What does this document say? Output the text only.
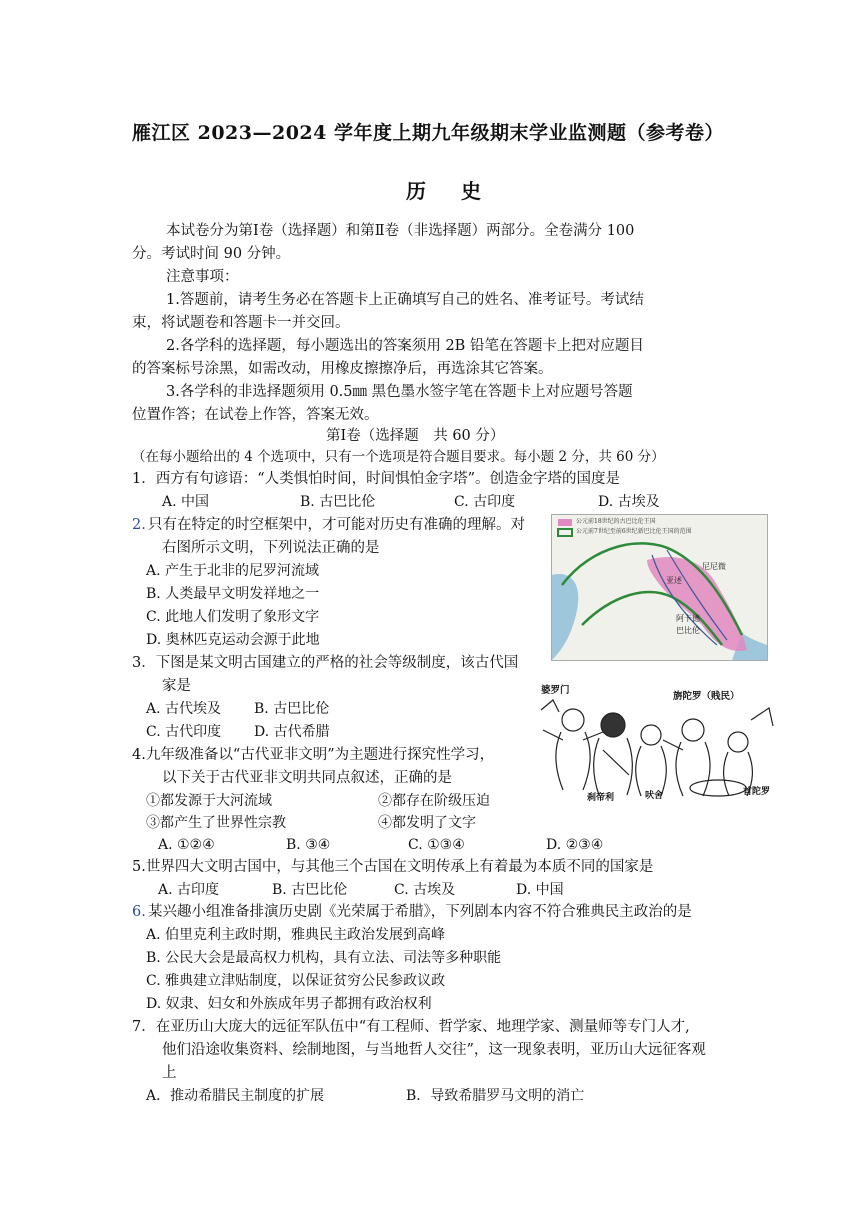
雁江区 2023—2024 学年度上期九年级期末学业监测题（参考卷）
历 史
本试卷分为第Ⅰ卷（选择题）和第Ⅱ卷（非选择题）两部分。全卷满分 100
分。考试时间 90 分钟。
注意事项：
1.答题前，请考生务必在答题卡上正确填写自己的姓名、准考证号。考试结
束，将试题卷和答题卡一并交回。
2.各学科的选择题，每小题选出的答案须用 2B 铅笔在答题卡上把对应题目
的答案标号涂黑，如需改动，用橡皮擦擦净后，再选涂其它答案。
3.各学科的非选择题须用 0.5㎜ 黑色墨水签字笔在答题卡上对应题号答题
位置作答；在试卷上作答，答案无效。
第Ⅰ卷（选择题　共 60 分）
（在每小题给出的 4 个选项中，只有一个选项是符合题目要求。每小题 2 分，共 60 分）
1．西方有句谚语：“人类惧怕时间，时间惧怕金字塔”。创造金字塔的国度是
A. 中国	B. 古巴比伦	C. 古印度	D. 古埃及
2. 只有在特定的时空框架中，才可能对历史有准确的理解。对
右图所示文明，下列说法正确的是
A. 产生于北非的尼罗河流域
B. 人类最早文明发祥地之一
C. 此地人们发明了象形文字
D. 奥林匹克运动会源于此地
公元前18世纪的古巴比伦王国
公元前7世纪至前6世纪新巴比伦王国的范围
尼尼微
亚述
阿卡德
巴比伦
3．下图是某文明古国建立的严格的社会等级制度，该古代国
家是
A. 古代埃及 B. 古巴比伦
C. 古代印度 D. 古代希腊
婆罗门
旃陀罗（贱民）
刹帝利	吠舍	首陀罗
4.九年级准备以“古代亚非文明”为主题进行探究性学习，
以下关于古代亚非文明共同点叙述，正确的是
①都发源于大河流域	②都存在阶级压迫
③都产生了世界性宗教	④都发明了文字
A. ①②④	B. ③④	C. ①③④	D. ②③④
5.世界四大文明古国中，与其他三个古国在文明传承上有着最为本质不同的国家是
A. 古印度	B. 古巴比伦	C. 古埃及	D. 中国
6. 某兴趣小组准备排演历史剧《光荣属于希腊》，下列剧本内容不符合雅典民主政治的是
A. 伯里克利主政时期，雅典民主政治发展到高峰
B. 公民大会是最高权力机构，具有立法、司法等多种职能
C. 雅典建立津贴制度，以保证贫穷公民参政议政
D. 奴隶、妇女和外族成年男子都拥有政治权利
7．在亚历山大庞大的远征军队伍中“有工程师、哲学家、地理学家、测量师等专门人才,
他们沿途收集资料、绘制地图，与当地哲人交往”，这一现象表明，亚历山大远征客观
上
A．推动希腊民主制度的扩展	B．导致希腊罗马文明的消亡
